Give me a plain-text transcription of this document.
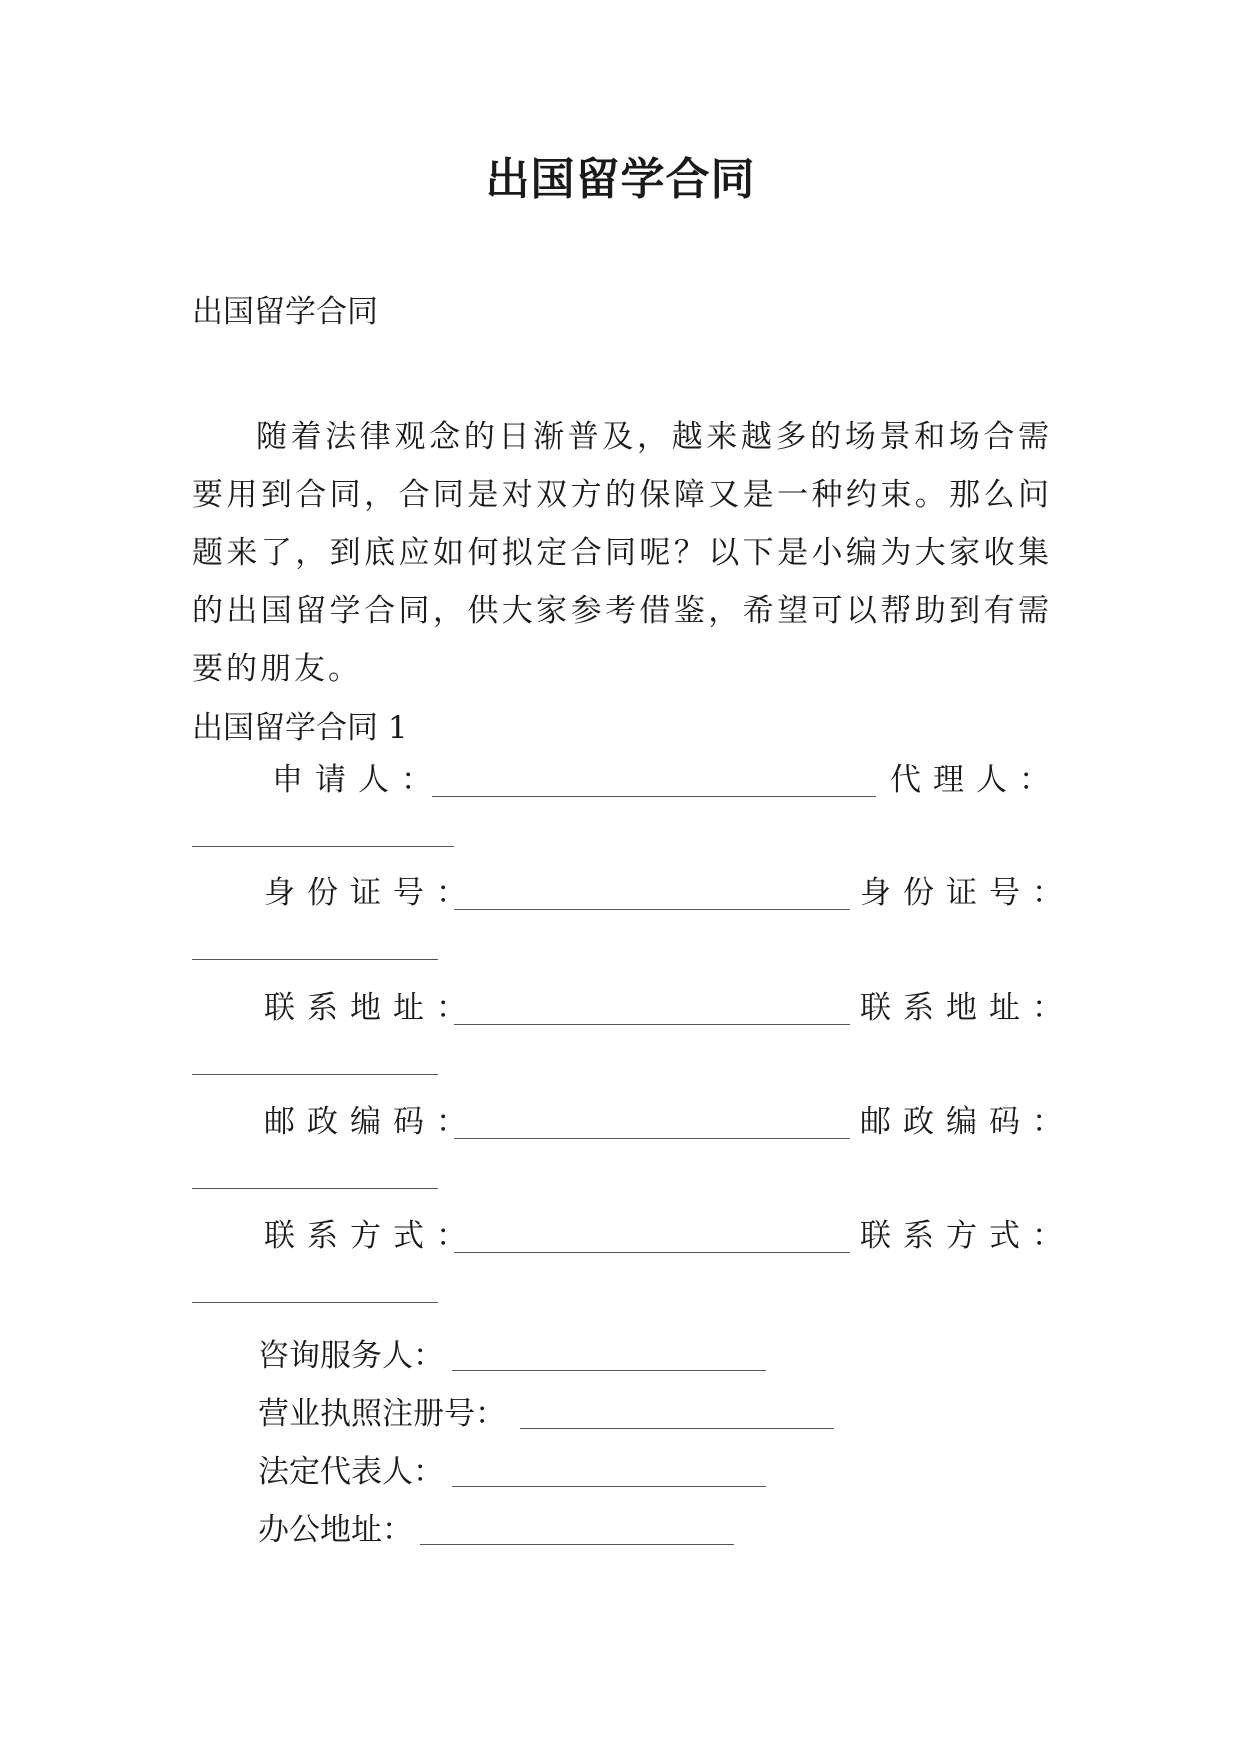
出国留学合同
出国留学合同
随着法律观念的日渐普及，越来越多的场景和场合需要用到合同，合同是对双方的保障又是一种约束。那么问题来了，到底应如何拟定合同呢？以下是小编为大家收集的出国留学合同，供大家参考借鉴，希望可以帮助到有需要的朋友。
出国留学合同 1
申请人：	代理人：
身份证号：	身份证号：
联系地址：	联系地址：
邮政编码：	邮政编码：
联系方式：	联系方式：
咨询服务人：
营业执照注册号：
法定代表人：
办公地址：
